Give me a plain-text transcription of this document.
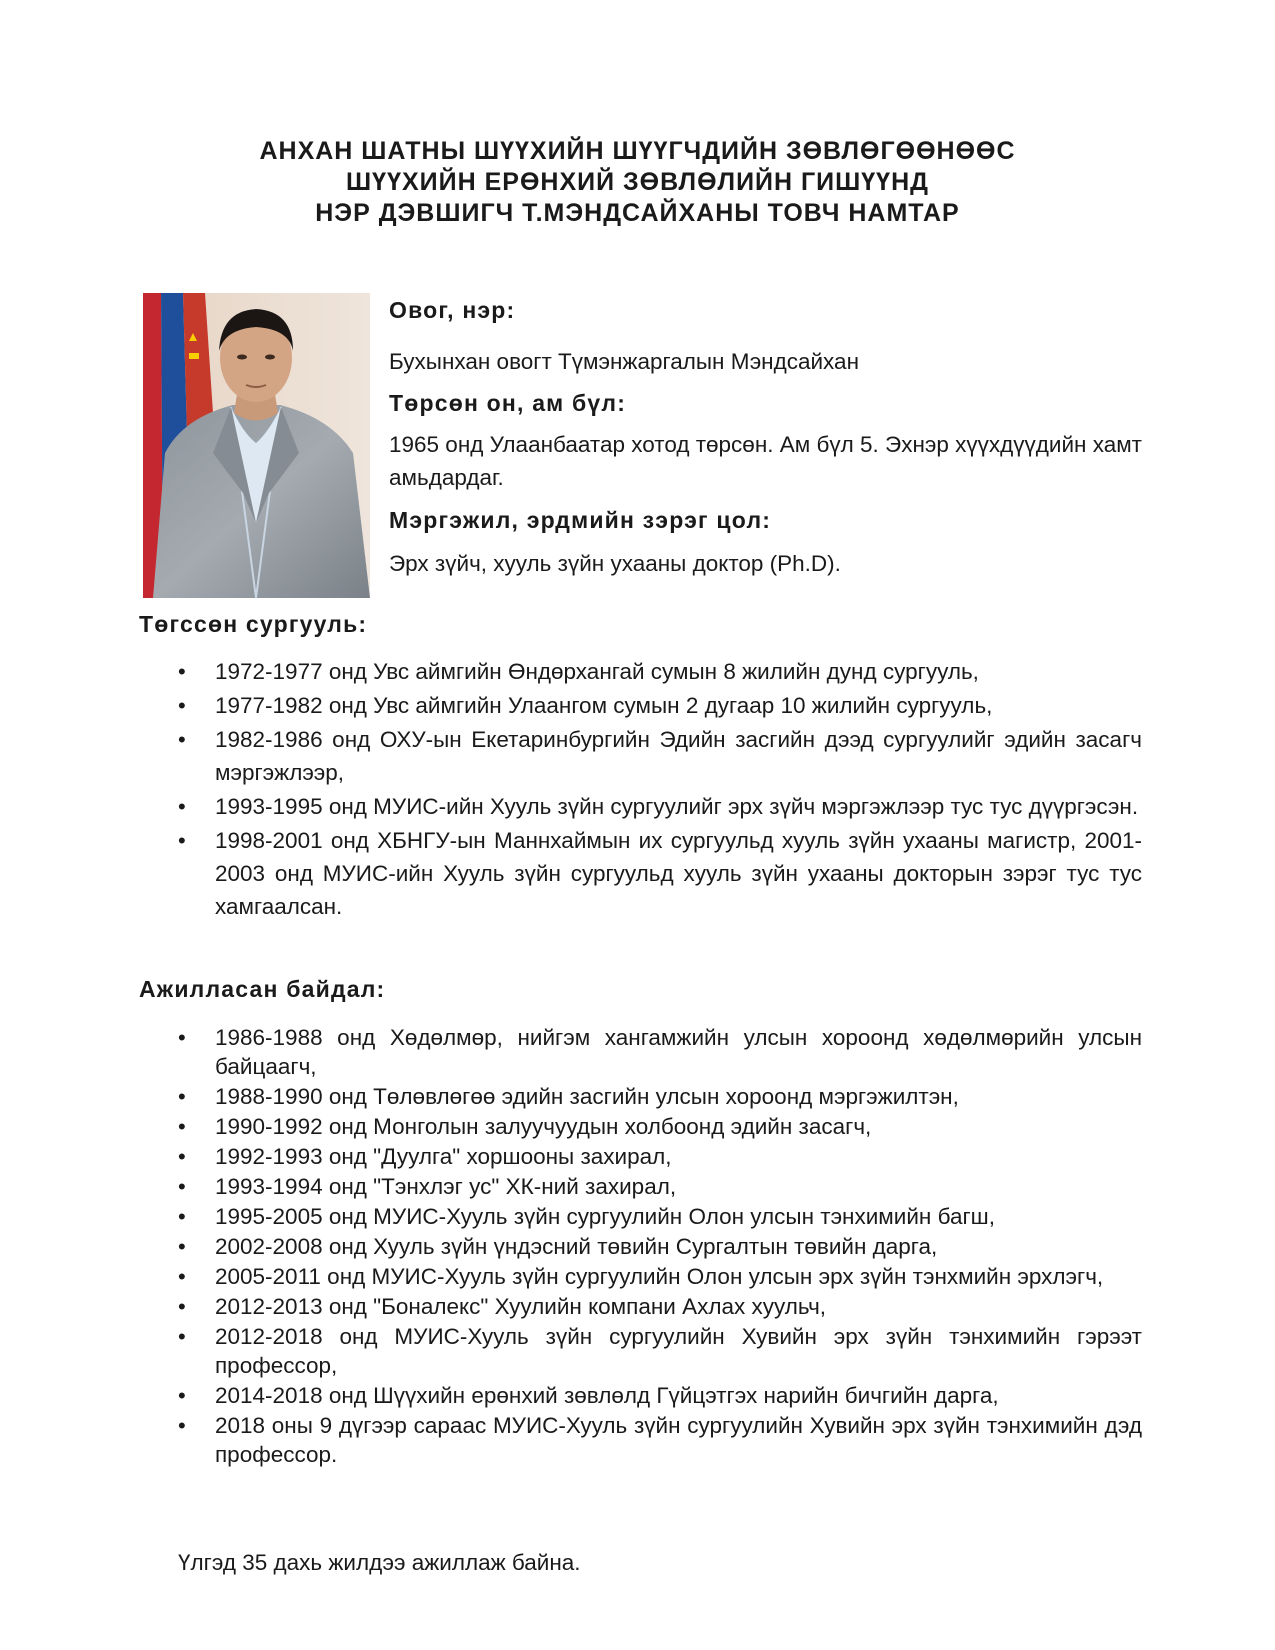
АНХАН ШАТНЫ ШҮҮХИЙН ШҮҮГЧДИЙН ЗӨВЛӨГӨӨНӨӨС
ШҮҮХИЙН ЕРӨНХИЙ ЗӨВЛӨЛИЙН ГИШҮҮНД
НЭР ДЭВШИГЧ Т.МЭНДСАЙХАНЫ ТОВЧ НАМТАР

Овог, нэр:

Бухынхан овогт Түмэнжаргалын Мэндсайхан

Төрсөн он, ам бүл:

1965 онд Улаанбаатар хотод төрсөн. Ам бүл 5. Эхнэр хүүхдүүдийн хамт амьдардаг.

Мэргэжил, эрдмийн зэрэг цол:

Эрх зүйч, хууль зүйн ухааны доктор (Ph.D).

Төгссөн сургууль:

• 1972-1977 онд Увс аймгийн Өндөрхангай сумын 8 жилийн дунд сургууль,
• 1977-1982 онд Увс аймгийн Улаангом сумын 2 дугаар 10 жилийн сургууль,
• 1982-1986 онд ОХУ-ын Екетаринбургийн Эдийн засгийн дээд сургуулийг эдийн засагч мэргэжлээр,
• 1993-1995 онд МУИС-ийн Хууль зүйн сургуулийг эрх зүйч мэргэжлээр тус тус дүүргэсэн.
• 1998-2001 онд ХБНГУ-ын Маннхаймын их сургуульд хууль зүйн ухааны магистр, 2001-2003 онд МУИС-ийн Хууль зүйн сургуульд хууль зүйн ухааны докторын зэрэг тус тус хамгаалсан.

Ажилласан байдал:

• 1986-1988 онд Хөдөлмөр, нийгэм хангамжийн улсын хороонд хөдөлмөрийн улсын байцаагч,
• 1988-1990 онд Төлөвлөгөө эдийн засгийн улсын хороонд мэргэжилтэн,
• 1990-1992 онд Монголын залуучуудын холбоонд эдийн засагч,
• 1992-1993 онд "Дуулга" хоршооны захирал,
• 1993-1994 онд "Тэнхлэг ус" ХК-ний захирал,
• 1995-2005 онд МУИС-Хууль зүйн сургуулийн Олон улсын тэнхимийн багш,
• 2002-2008 онд Хууль зүйн үндэсний төвийн Сургалтын төвийн дарга,
• 2005-2011 онд МУИС-Хууль зүйн сургуулийн Олон улсын эрх зүйн тэнхмийн эрхлэгч,
• 2012-2013 онд "Боналекс" Хуулийн компани Ахлах хуульч,
• 2012-2018 онд МУИС-Хууль зүйн сургуулийн Хувийн эрх зүйн тэнхимийн гэрээт профессор,
• 2014-2018 онд Шүүхийн ерөнхий зөвлөлд Гүйцэтгэх нарийн бичгийн дарга,
• 2018 оны 9 дүгээр сараас МУИС-Хууль зүйн сургуулийн Хувийн эрх зүйн тэнхимийн дэд профессор.

Үлгэд 35 дахь жилдээ ажиллаж байна.
